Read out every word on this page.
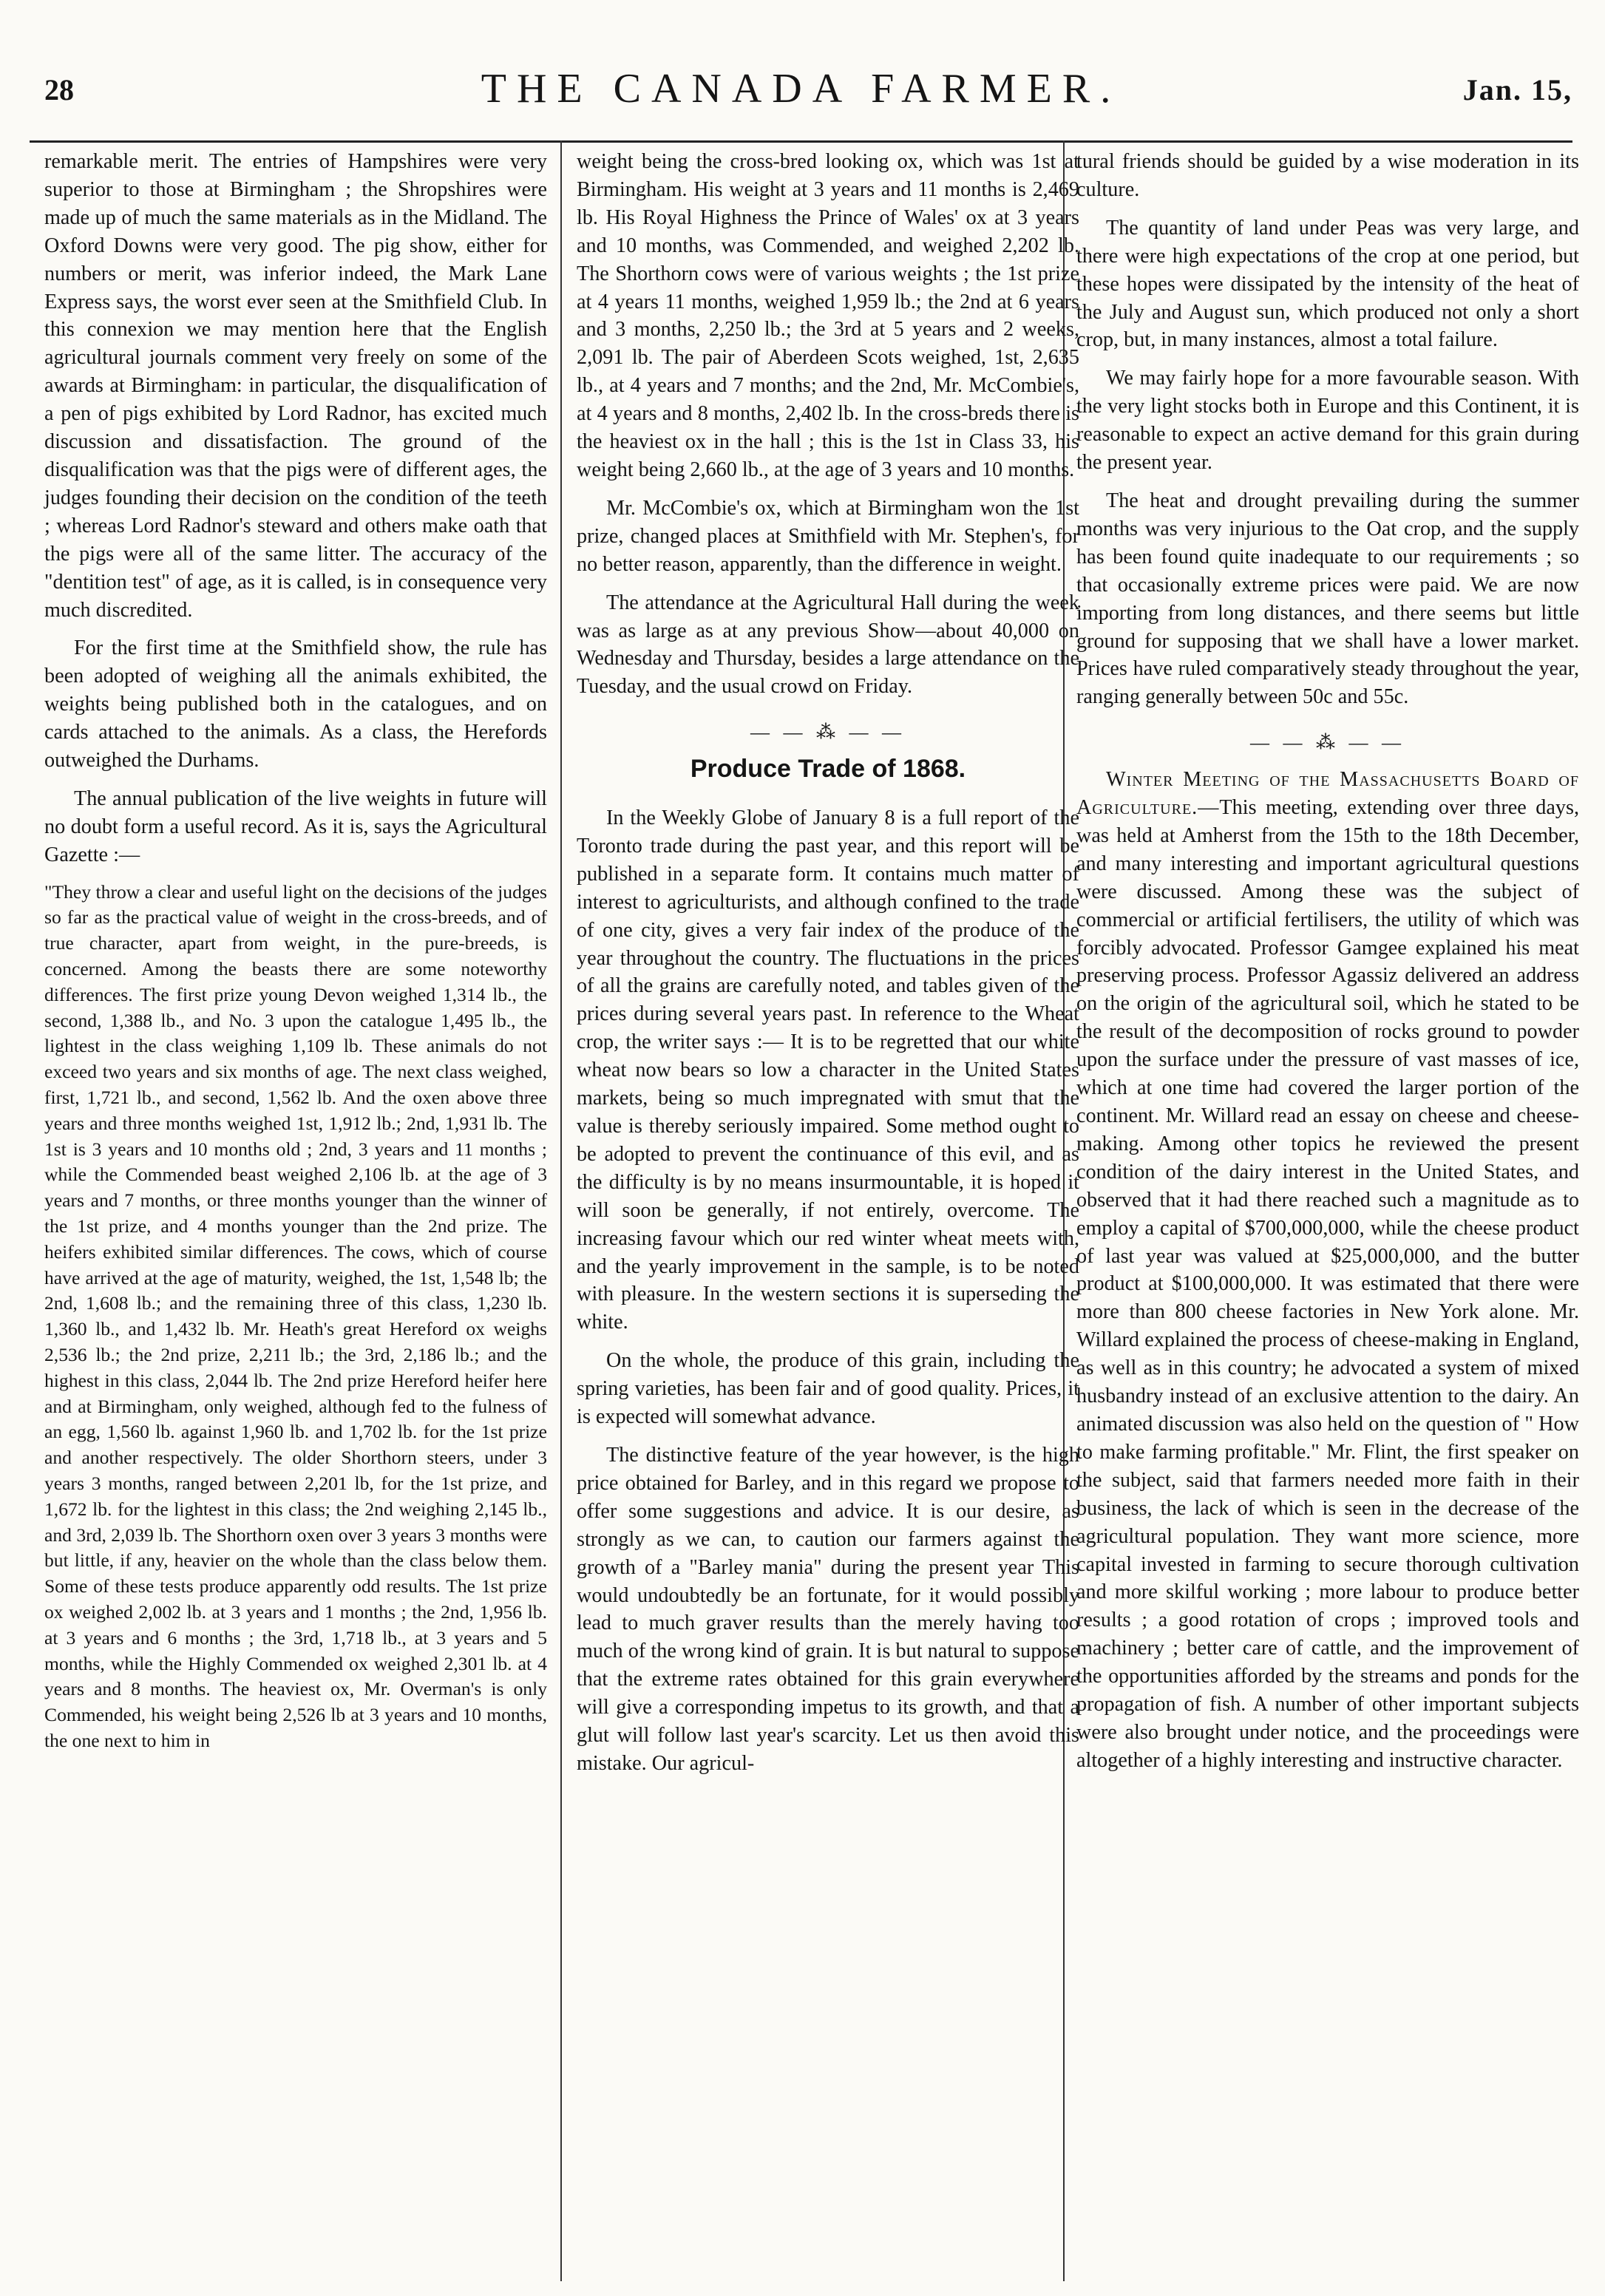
28	THE CANADA FARMER.	Jan. 15,

remarkable merit. The entries of Hampshires were very superior to those at Birmingham ; the Shropshires were made up of much the same materials as in the Midland. The Oxford Downs were very good. The pig show, either for numbers or merit, was inferior indeed, the Mark Lane Express says, the worst ever seen at the Smithfield Club. In this connexion we may mention here that the English agricultural journals comment very freely on some of the awards at Birmingham: in particular, the disqualification of a pen of pigs exhibited by Lord Radnor, has excited much discussion and dissatisfaction. The ground of the disqualification was that the pigs were of different ages, the judges founding their decision on the condition of the teeth ; whereas Lord Radnor's steward and others make oath that the pigs were all of the same litter. The accuracy of the "dentition test" of age, as it is called, is in consequence very much discredited.

For the first time at the Smithfield show, the rule has been adopted of weighing all the animals exhibited, the weights being published both in the catalogues, and on cards attached to the animals. As a class, the Herefords outweighed the Durhams.

The annual publication of the live weights in future will no doubt form a useful record. As it is, says the Agricultural Gazette :—

"They throw a clear and useful light on the decisions of the judges so far as the practical value of weight in the cross-breeds, and of true character, apart from weight, in the pure-breeds, is concerned. Among the beasts there are some noteworthy differences. The first prize young Devon weighed 1,314 lb., the second, 1,388 lb., and No. 3 upon the catalogue 1,495 lb., the lightest in the class weighing 1,109 lb. These animals do not exceed two years and six months of age. The next class weighed, first, 1,721 lb., and second, 1,562 lb. And the oxen above three years and three months weighed 1st, 1,912 lb.; 2nd, 1,931 lb. The 1st is 3 years and 10 months old ; 2nd, 3 years and 11 months ; while the Commended beast weighed 2,106 lb. at the age of 3 years and 7 months, or three months younger than the winner of the 1st prize, and 4 months younger than the 2nd prize. The heifers exhibited similar differences. The cows, which of course have arrived at the age of maturity, weighed, the 1st, 1,548 lb; the 2nd, 1,608 lb.; and the remaining three of this class, 1,230 lb. 1,360 lb., and 1,432 lb. Mr. Heath's great Hereford ox weighs 2,536 lb.; the 2nd prize, 2,211 lb.; the 3rd, 2,186 lb.; and the highest in this class, 2,044 lb. The 2nd prize Hereford heifer here and at Birmingham, only weighed, although fed to the fulness of an egg, 1,560 lb. against 1,960 lb. and 1,702 lb. for the 1st prize and another respectively. The older Shorthorn steers, under 3 years 3 months, ranged between 2,201 lb, for the 1st prize, and 1,672 lb. for the lightest in this class; the 2nd weighing 2,145 lb., and 3rd, 2,039 lb. The Shorthorn oxen over 3 years 3 months were but little, if any, heavier on the whole than the class below them. Some of these tests produce apparently odd results. The 1st prize ox weighed 2,002 lb. at 3 years and 1 months ; the 2nd, 1,956 lb. at 3 years and 6 months ; the 3rd, 1,718 lb., at 3 years and 5 months, while the Highly Commended ox weighed 2,301 lb. at 4 years and 8 months. The heaviest ox, Mr. Overman's is only Commended, his weight being 2,526 lb at 3 years and 10 months, the one next to him in

weight being the cross-bred looking ox, which was 1st at Birmingham. His weight at 3 years and 11 months is 2,469 lb. His Royal Highness the Prince of Wales' ox at 3 years and 10 months, was Commended, and weighed 2,202 lb. The Shorthorn cows were of various weights ; the 1st prize at 4 years 11 months, weighed 1,959 lb.; the 2nd at 6 years and 3 months, 2,250 lb.; the 3rd at 5 years and 2 weeks, 2,091 lb. The pair of Aberdeen Scots weighed, 1st, 2,635 lb., at 4 years and 7 months; and the 2nd, Mr. McCombie's, at 4 years and 8 months, 2,402 lb. In the cross-breds there is the heaviest ox in the hall ; this is the 1st in Class 33, his weight being 2,660 lb., at the age of 3 years and 10 months.

Mr. McCombie's ox, which at Birmingham won the 1st prize, changed places at Smithfield with Mr. Stephen's, for no better reason, apparently, than the difference in weight.

The attendance at the Agricultural Hall during the week was as large as at any previous Show—about 40,000 on Wednesday and Thursday, besides a large attendance on the Tuesday, and the usual crowd on Friday.

— — ⁂ — —
Produce Trade of 1868.

In the Weekly Globe of January 8 is a full report of the Toronto trade during the past year, and this report will be published in a separate form. It contains much matter of interest to agriculturists, and although confined to the trade of one city, gives a very fair index of the produce of the year throughout the country. The fluctuations in the prices of all the grains are carefully noted, and tables given of the prices during several years past. In reference to the Wheat crop, the writer says :— It is to be regretted that our white wheat now bears so low a character in the United States markets, being so much impregnated with smut that the value is thereby seriously impaired. Some method ought to be adopted to prevent the continuance of this evil, and as the difficulty is by no means insurmountable, it is hoped it will soon be generally, if not entirely, overcome. The increasing favour which our red winter wheat meets with, and the yearly improvement in the sample, is to be noted with pleasure. In the western sections it is superseding the white.

On the whole, the produce of this grain, including the spring varieties, has been fair and of good quality. Prices, it is expected will somewhat advance.

The distinctive feature of the year however, is the high price obtained for Barley, and in this regard we propose to offer some suggestions and advice. It is our desire, as strongly as we can, to caution our farmers against the growth of a "Barley mania" during the present year This would undoubtedly be an fortunate, for it would possibly lead to much graver results than the merely having too much of the wrong kind of grain. It is but natural to suppose that the extreme rates obtained for this grain everywhere will give a corresponding impetus to its growth, and that a glut will follow last year's scarcity. Let us then avoid this mistake. Our agricul-

tural friends should be guided by a wise moderation in its culture.

The quantity of land under Peas was very large, and there were high expectations of the crop at one period, but these hopes were dissipated by the intensity of the heat of the July and August sun, which produced not only a short crop, but, in many instances, almost a total failure.

We may fairly hope for a more favourable season. With the very light stocks both in Europe and this Continent, it is reasonable to expect an active demand for this grain during the present year.

The heat and drought prevailing during the summer months was very injurious to the Oat crop, and the supply has been found quite inadequate to our requirements ; so that occasionally extreme prices were paid. We are now importing from long distances, and there seems but little ground for supposing that we shall have a lower market. Prices have ruled comparatively steady throughout the year, ranging generally between 50c and 55c.

— — ⁂ — —

Winter Meeting of the Massachusetts Board of Agriculture.—This meeting, extending over three days, was held at Amherst from the 15th to the 18th December, and many interesting and important agricultural questions were discussed. Among these was the subject of commercial or artificial fertilisers, the utility of which was forcibly advocated. Professor Gamgee explained his meat preserving process. Professor Agassiz delivered an address on the origin of the agricultural soil, which he stated to be the result of the decomposition of rocks ground to powder upon the surface under the pressure of vast masses of ice, which at one time had covered the larger portion of the continent. Mr. Willard read an essay on cheese and cheese-making. Among other topics he reviewed the present condition of the dairy interest in the United States, and observed that it had there reached such a magnitude as to employ a capital of $700,000,000, while the cheese product of last year was valued at $25,000,000, and the butter product at $100,000,000. It was estimated that there were more than 800 cheese factories in New York alone. Mr. Willard explained the process of cheese-making in England, as well as in this country; he advocated a system of mixed husbandry instead of an exclusive attention to the dairy. An animated discussion was also held on the question of " How to make farming profitable." Mr. Flint, the first speaker on the subject, said that farmers needed more faith in their business, the lack of which is seen in the decrease of the agricultural population. They want more science, more capital invested in farming to secure thorough cultivation and more skilful working ; more labour to produce better results ; a good rotation of crops ; improved tools and machinery ; better care of cattle, and the improvement of the opportunities afforded by the streams and ponds for the propagation of fish. A number of other important subjects were also brought under notice, and the proceedings were altogether of a highly interesting and instructive character.
